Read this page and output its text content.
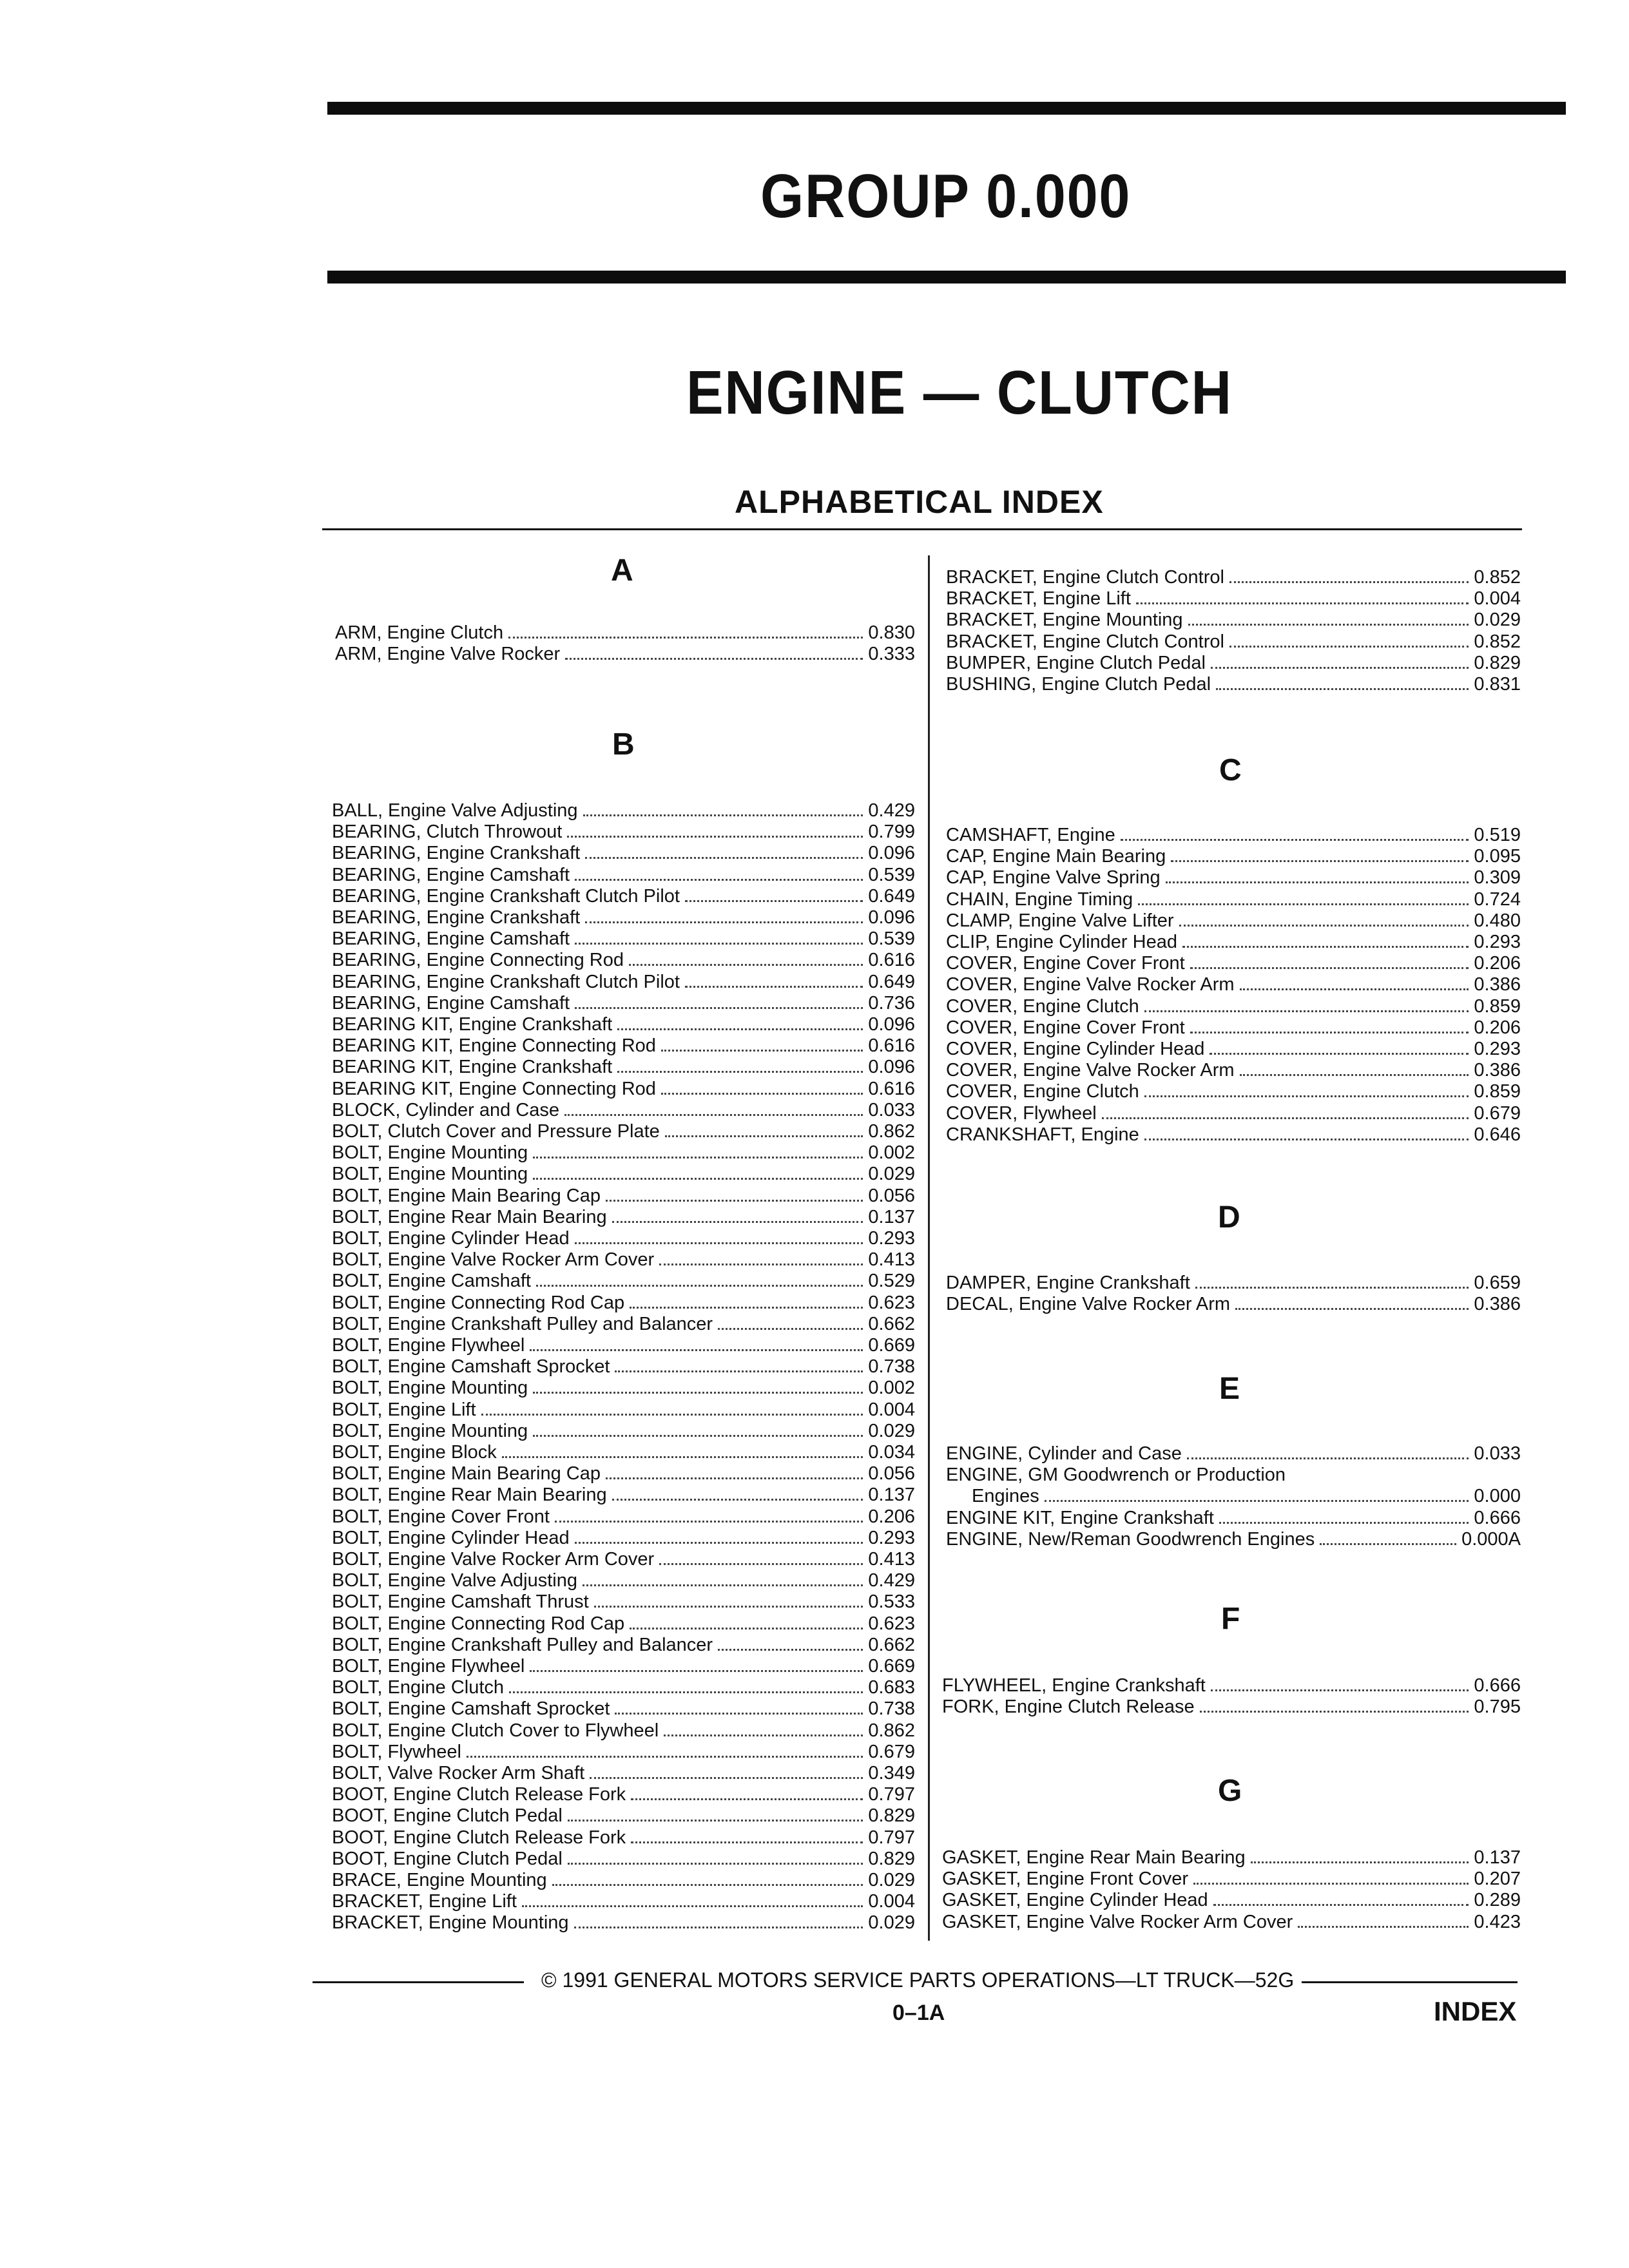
GROUP 0.000
ENGINE — CLUTCH
ALPHABETICAL INDEX
A
ARM, Engine Clutch	0.830
ARM, Engine Valve Rocker	0.333
B
BALL, Engine Valve Adjusting	0.429
BEARING, Clutch Throwout	0.799
BEARING, Engine Crankshaft	0.096
BEARING, Engine Camshaft	0.539
BEARING, Engine Crankshaft Clutch Pilot	0.649
BEARING, Engine Crankshaft	0.096
BEARING, Engine Camshaft	0.539
BEARING, Engine Connecting Rod	0.616
BEARING, Engine Crankshaft Clutch Pilot	0.649
BEARING, Engine Camshaft	0.736
BEARING KIT, Engine Crankshaft	0.096
BEARING KIT, Engine Connecting Rod	0.616
BEARING KIT, Engine Crankshaft	0.096
BEARING KIT, Engine Connecting Rod	0.616
BLOCK, Cylinder and Case	0.033
BOLT, Clutch Cover and Pressure Plate	0.862
BOLT, Engine Mounting	0.002
BOLT, Engine Mounting	0.029
BOLT, Engine Main Bearing Cap	0.056
BOLT, Engine Rear Main Bearing	0.137
BOLT, Engine Cylinder Head	0.293
BOLT, Engine Valve Rocker Arm Cover	0.413
BOLT, Engine Camshaft	0.529
BOLT, Engine Connecting Rod Cap	0.623
BOLT, Engine Crankshaft Pulley and Balancer	0.662
BOLT, Engine Flywheel	0.669
BOLT, Engine Camshaft Sprocket	0.738
BOLT, Engine Mounting	0.002
BOLT, Engine Lift	0.004
BOLT, Engine Mounting	0.029
BOLT, Engine Block	0.034
BOLT, Engine Main Bearing Cap	0.056
BOLT, Engine Rear Main Bearing	0.137
BOLT, Engine Cover Front	0.206
BOLT, Engine Cylinder Head	0.293
BOLT, Engine Valve Rocker Arm Cover	0.413
BOLT, Engine Valve Adjusting	0.429
BOLT, Engine Camshaft Thrust	0.533
BOLT, Engine Connecting Rod Cap	0.623
BOLT, Engine Crankshaft Pulley and Balancer	0.662
BOLT, Engine Flywheel	0.669
BOLT, Engine Clutch	0.683
BOLT, Engine Camshaft Sprocket	0.738
BOLT, Engine Clutch Cover to Flywheel	0.862
BOLT, Flywheel	0.679
BOLT, Valve Rocker Arm Shaft	0.349
BOOT, Engine Clutch Release Fork	0.797
BOOT, Engine Clutch Pedal	0.829
BOOT, Engine Clutch Release Fork	0.797
BOOT, Engine Clutch Pedal	0.829
BRACE, Engine Mounting	0.029
BRACKET, Engine Lift	0.004
BRACKET, Engine Mounting	0.029
BRACKET, Engine Clutch Control	0.852
BRACKET, Engine Lift	0.004
BRACKET, Engine Mounting	0.029
BRACKET, Engine Clutch Control	0.852
BUMPER, Engine Clutch Pedal	0.829
BUSHING, Engine Clutch Pedal	0.831
C
CAMSHAFT, Engine	0.519
CAP, Engine Main Bearing	0.095
CAP, Engine Valve Spring	0.309
CHAIN, Engine Timing	0.724
CLAMP, Engine Valve Lifter	0.480
CLIP, Engine Cylinder Head	0.293
COVER, Engine Cover Front	0.206
COVER, Engine Valve Rocker Arm	0.386
COVER, Engine Clutch	0.859
COVER, Engine Cover Front	0.206
COVER, Engine Cylinder Head	0.293
COVER, Engine Valve Rocker Arm	0.386
COVER, Engine Clutch	0.859
COVER, Flywheel	0.679
CRANKSHAFT, Engine	0.646
D
DAMPER, Engine Crankshaft	0.659
DECAL, Engine Valve Rocker Arm	0.386
E
ENGINE, Cylinder and Case	0.033
ENGINE, GM Goodwrench or Production
Engines	0.000
ENGINE KIT, Engine Crankshaft	0.666
ENGINE, New/Reman Goodwrench Engines	0.000A
F
FLYWHEEL, Engine Crankshaft	0.666
FORK, Engine Clutch Release	0.795
G
GASKET, Engine Rear Main Bearing	0.137
GASKET, Engine Front Cover	0.207
GASKET, Engine Cylinder Head	0.289
GASKET, Engine Valve Rocker Arm Cover	0.423
© 1991 GENERAL MOTORS SERVICE PARTS OPERATIONS—LT TRUCK—52G
0–1A	INDEX
